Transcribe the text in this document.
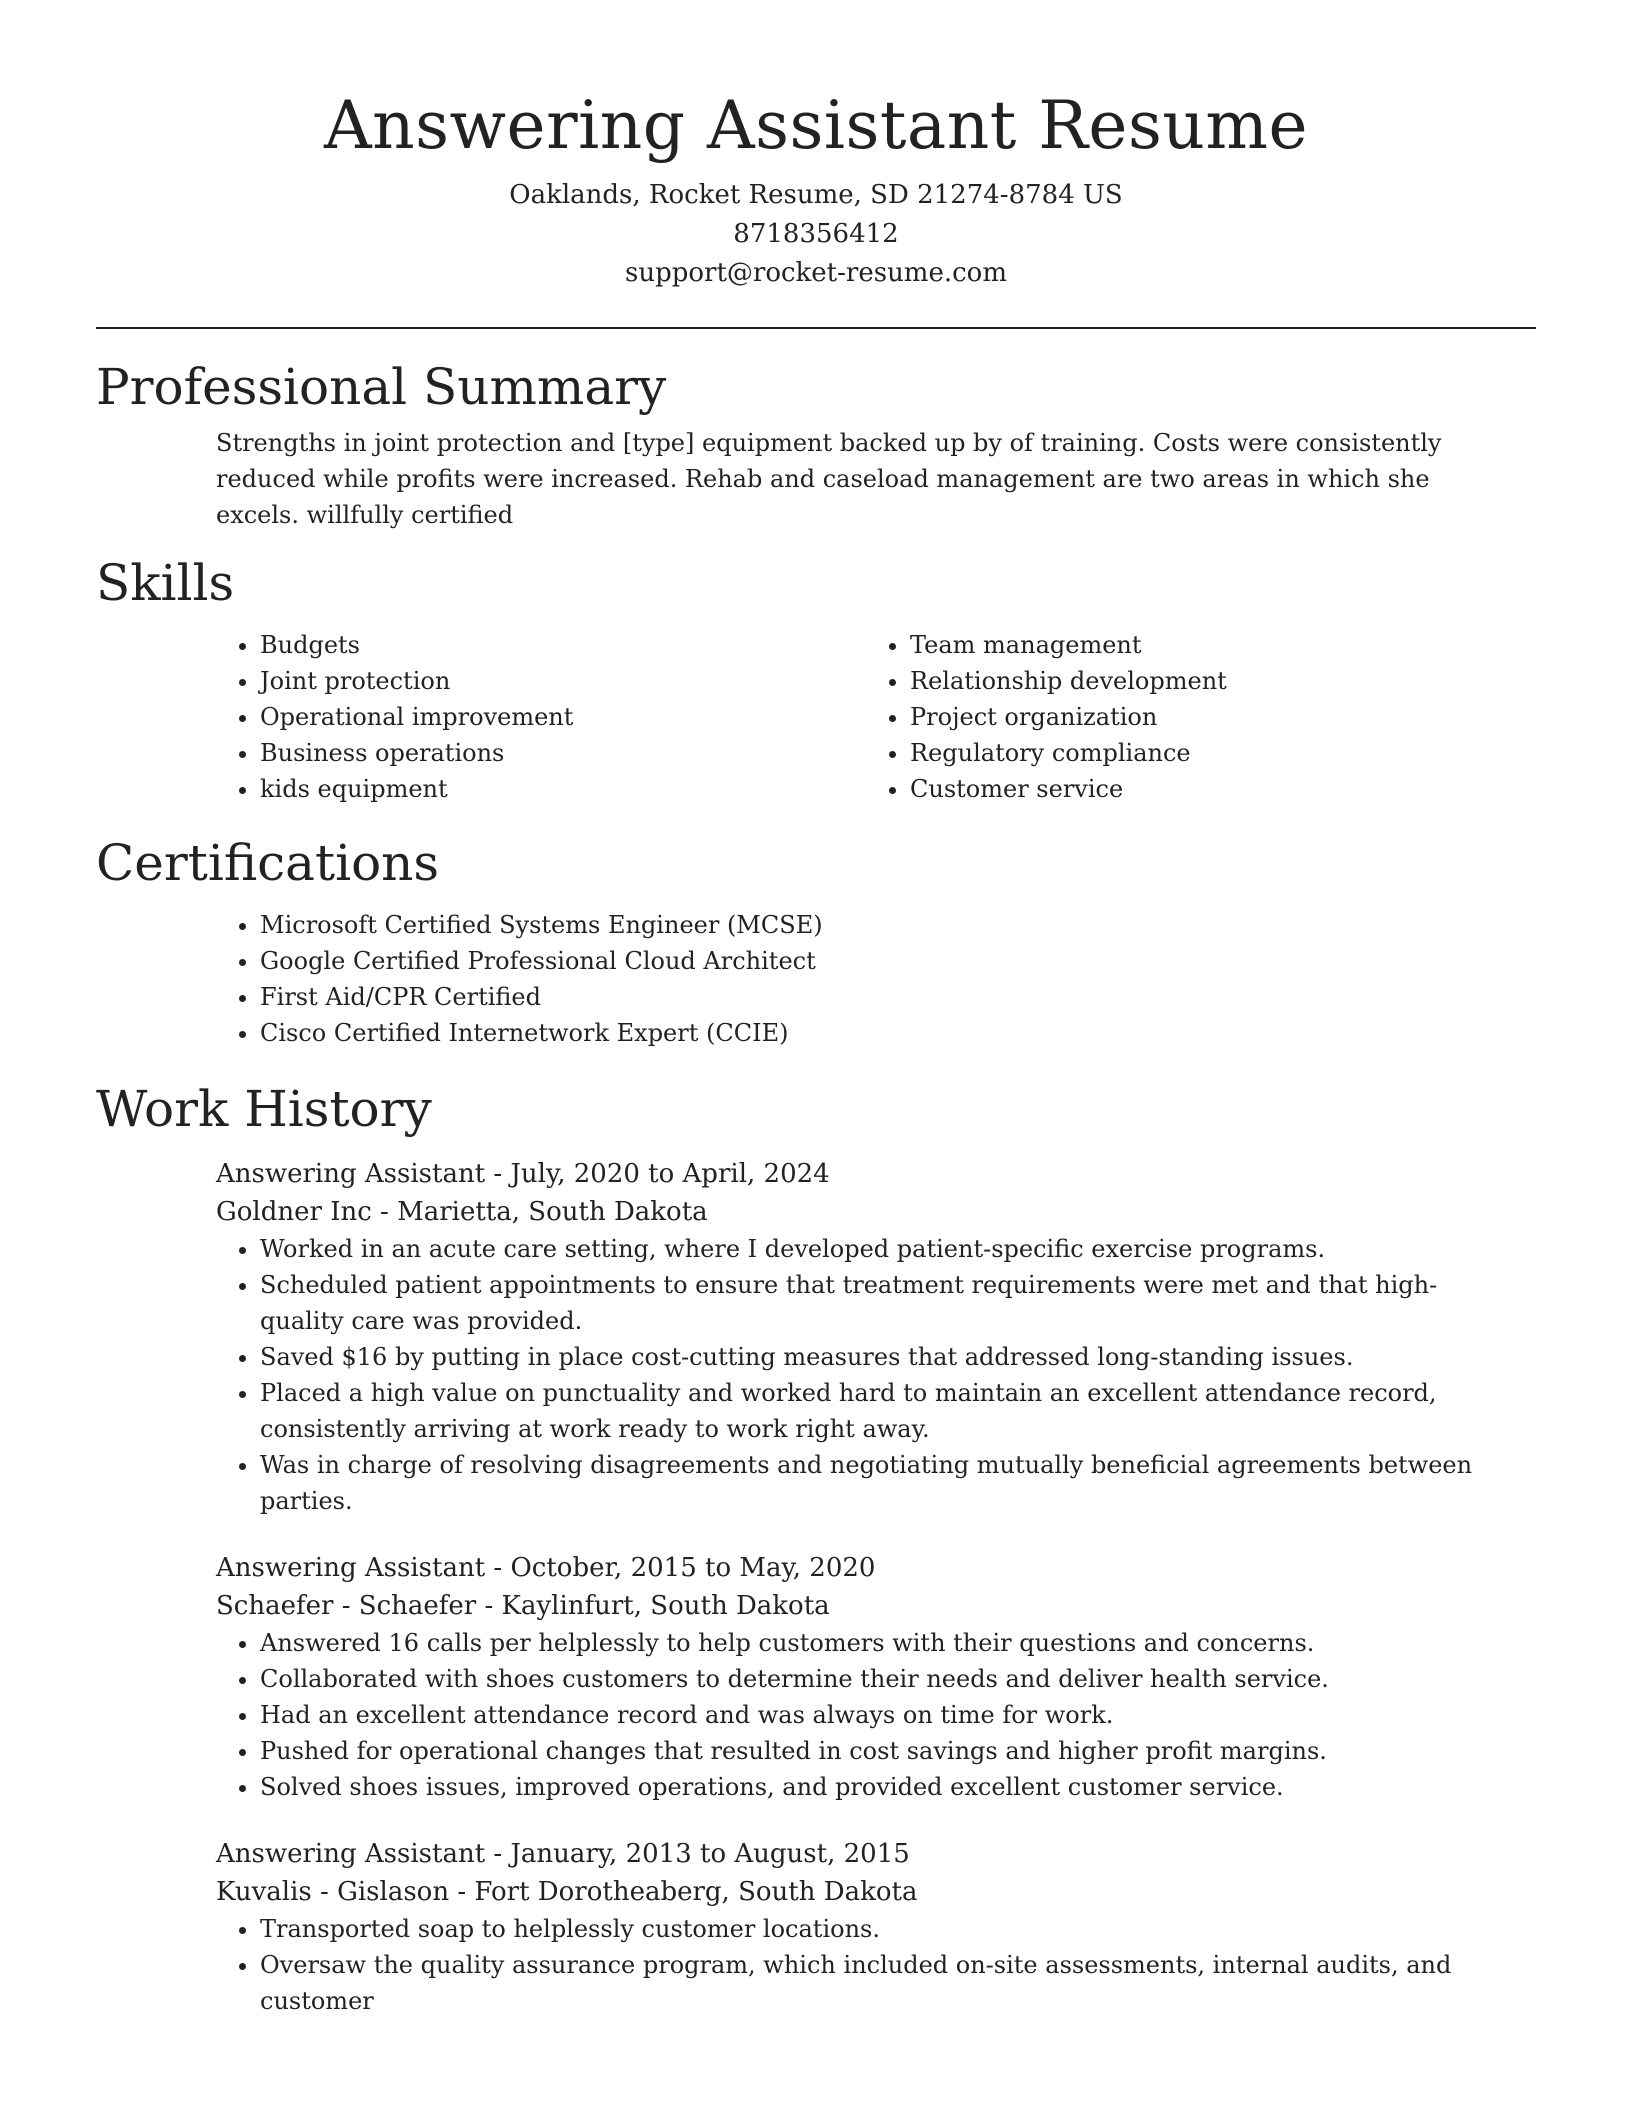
Answering Assistant Resume
Oaklands, Rocket Resume, SD 21274-8784 US
8718356412
support@rocket-resume.com
Professional Summary
Strengths in joint protection and [type] equipment backed up by of training. Costs were consistently reduced while profits were increased. Rehab and caseload management are two areas in which she excels. willfully certified
Skills
• Budgets
• Joint protection
• Operational improvement
• Business operations
• kids equipment
• Team management
• Relationship development
• Project organization
• Regulatory compliance
• Customer service
Certifications
• Microsoft Certified Systems Engineer (MCSE)
• Google Certified Professional Cloud Architect
• First Aid/CPR Certified
• Cisco Certified Internetwork Expert (CCIE)
Work History
Answering Assistant - July, 2020 to April, 2024
Goldner Inc - Marietta, South Dakota
• Worked in an acute care setting, where I developed patient-specific exercise programs.
• Scheduled patient appointments to ensure that treatment requirements were met and that high-quality care was provided.
• Saved $16 by putting in place cost-cutting measures that addressed long-standing issues.
• Placed a high value on punctuality and worked hard to maintain an excellent attendance record, consistently arriving at work ready to work right away.
• Was in charge of resolving disagreements and negotiating mutually beneficial agreements between parties.
Answering Assistant - October, 2015 to May, 2020
Schaefer - Schaefer - Kaylinfurt, South Dakota
• Answered 16 calls per helplessly to help customers with their questions and concerns.
• Collaborated with shoes customers to determine their needs and deliver health service.
• Had an excellent attendance record and was always on time for work.
• Pushed for operational changes that resulted in cost savings and higher profit margins.
• Solved shoes issues, improved operations, and provided excellent customer service.
Answering Assistant - January, 2013 to August, 2015
Kuvalis - Gislason - Fort Dorotheaberg, South Dakota
• Transported soap to helplessly customer locations.
• Oversaw the quality assurance program, which included on-site assessments, internal audits, and customer
